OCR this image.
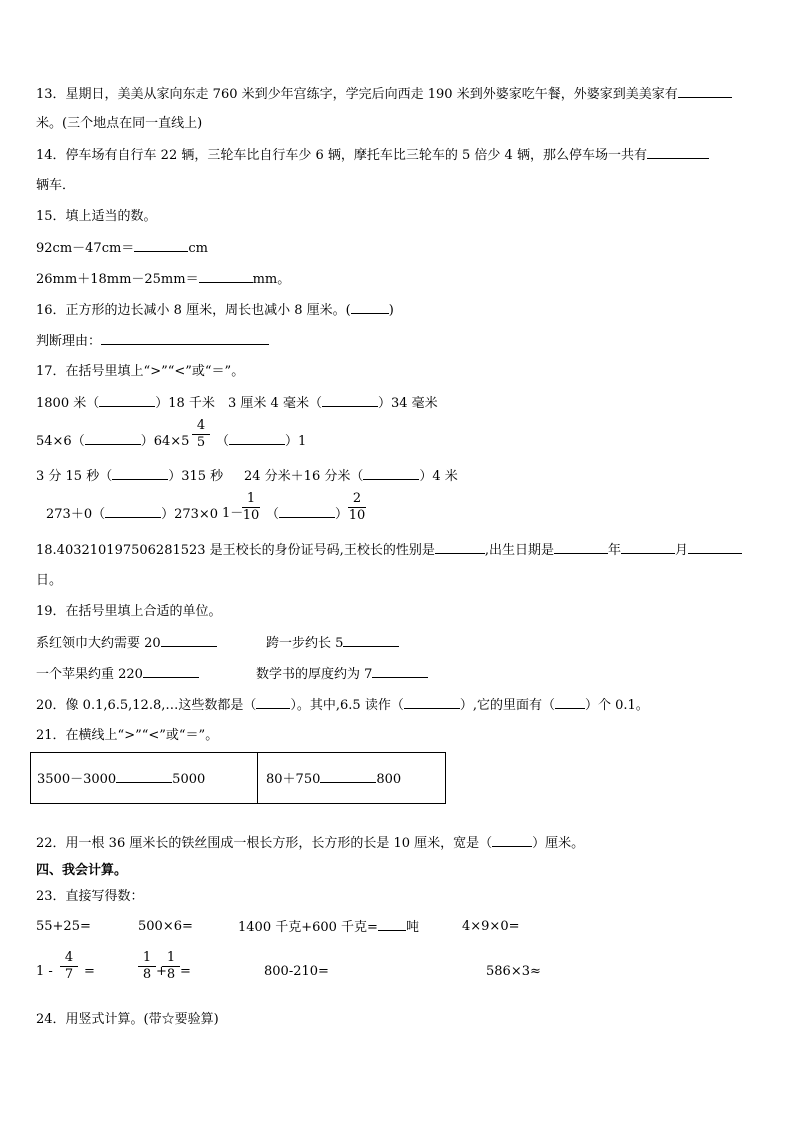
13．星期日，美美从家向东走 760 米到少年宫练字，学完后向西走 190 米到外婆家吃午餐，外婆家到美美家有
米。(三个地点在同一直线上)
14．停车场有自行车 22 辆，三轮车比自行车少 6 辆，摩托车比三轮车的 5 倍少 4 辆，那么停车场一共有
辆车．
15．填上适当的数。
92cm－47cm＝	cm
26mm＋18mm－25mm＝	mm。
16．正方形的边长减小 8 厘米，周长也减小 8 厘米。(	)
判断理由：
17．在括号里填上“>”“<”或“＝”。
1800 米（	）18 千米 3 厘米 4 毫米（	）34 毫米
54×6（	）64×5
4
5 （	）1
3 分 15 秒（	）315 秒 24 分米＋16 分米（	）4 米
273＋0（	）273×0 1－
1
10 （	）
2
10
18.403210197506281523 是王校长的身份证号码,王校长的性别是	,出生日期是	年	月
日。
19．在括号里填上合适的单位。
系红领巾大约需要 20	跨一步约长 5
一个苹果约重 220	数学书的厚度约为 7
20．像 0.1,6.5,12.8,…这些数都是（	）。其中,6.5 读作（	）,它的里面有（ ）个 0.1。
21．在横线上“>”“<”或“＝”。
3500－3000	5000	80＋750	800
22．用一根 36 厘米长的铁丝围成一根长方形，长方形的长是 10 厘米，宽是（	）厘米。
四、我会计算。
23．直接写得数：
55+25=	500×6=	1400 千克+600 千克= 吨	4×9×0=
1 -
4
7 =
1
8 +
1
8 =	800-210=	586×3≈
24．用竖式计算。(带☆要验算)
